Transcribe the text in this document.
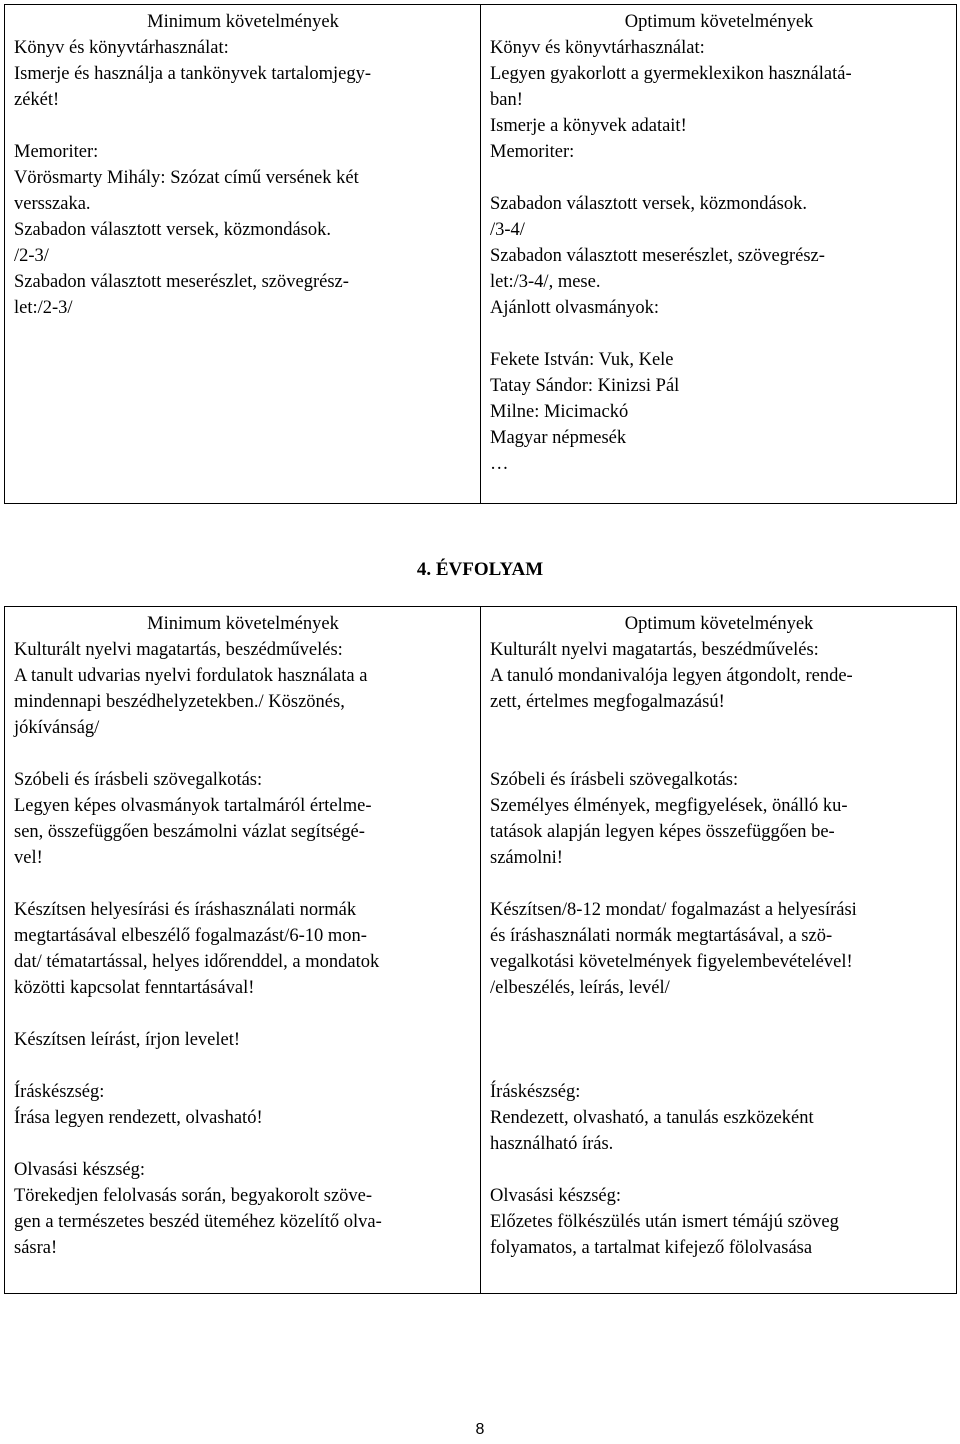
Minimum követelmények
Könyv és könyvtárhasználat:
Ismerje és használja a tankönyvek tartalomjegy-
zékét!
Memoriter:
Vörösmarty Mihály: Szózat című versének két
versszaka.
Szabadon választott versek, közmondások.
/2-3/
Szabadon választott meserészlet, szövegrész-
let:/2-3/

Optimum követelmények
Könyv és könyvtárhasználat:
Legyen gyakorlott a gyermeklexikon használatá-
ban!
Ismerje a könyvek adatait!
Memoriter:
Szabadon választott versek, közmondások.
/3-4/
Szabadon választott meserészlet, szövegrész-
let:/3-4/, mese.
Ajánlott olvasmányok:
Fekete István: Vuk, Kele
Tatay Sándor: Kinizsi Pál
Milne: Micimackó
Magyar népmesék
…
4. ÉVFOLYAM
Minimum követelmények
Kulturált nyelvi magatartás, beszédművelés:
A tanult udvarias nyelvi fordulatok használata a
mindennapi beszédhelyzetekben./ Köszönés,
jókívánság/
Szóbeli és írásbeli szövegalkotás:
Legyen képes olvasmányok tartalmáról értelme-
sen, összefüggően beszámolni vázlat segítségé-
vel!
Készítsen helyesírási és íráshasználati normák
megtartásával elbeszélő fogalmazást/6-10 mon-
dat/ tématartással, helyes időrenddel, a mondatok
közötti kapcsolat fenntartásával!
Készítsen leírást, írjon levelet!
Íráskészség:
Írása legyen rendezett, olvasható!
Olvasási készség:
Törekedjen felolvasás során, begyakorolt szöve-
gen a természetes beszéd üteméhez közelítő olva-
sásra!

Optimum követelmények
Kulturált nyelvi magatartás, beszédművelés:
A tanuló mondanivalója legyen átgondolt, rende-
zett, értelmes megfogalmazású!
Szóbeli és írásbeli szövegalkotás:
Személyes élmények, megfigyelések, önálló ku-
tatások alapján legyen képes összefüggően be-
számolni!
Készítsen/8-12 mondat/ fogalmazást a helyesírási
és íráshasználati normák megtartásával, a szö-
vegalkotási követelmények figyelembevételével!
/elbeszélés, leírás, levél/
Íráskészség:
Rendezett, olvasható, a tanulás eszközeként
használható írás.
Olvasási készség:
Előzetes fölkészülés után ismert témájú szöveg
folyamatos, a tartalmat kifejező fölolvasása
8
